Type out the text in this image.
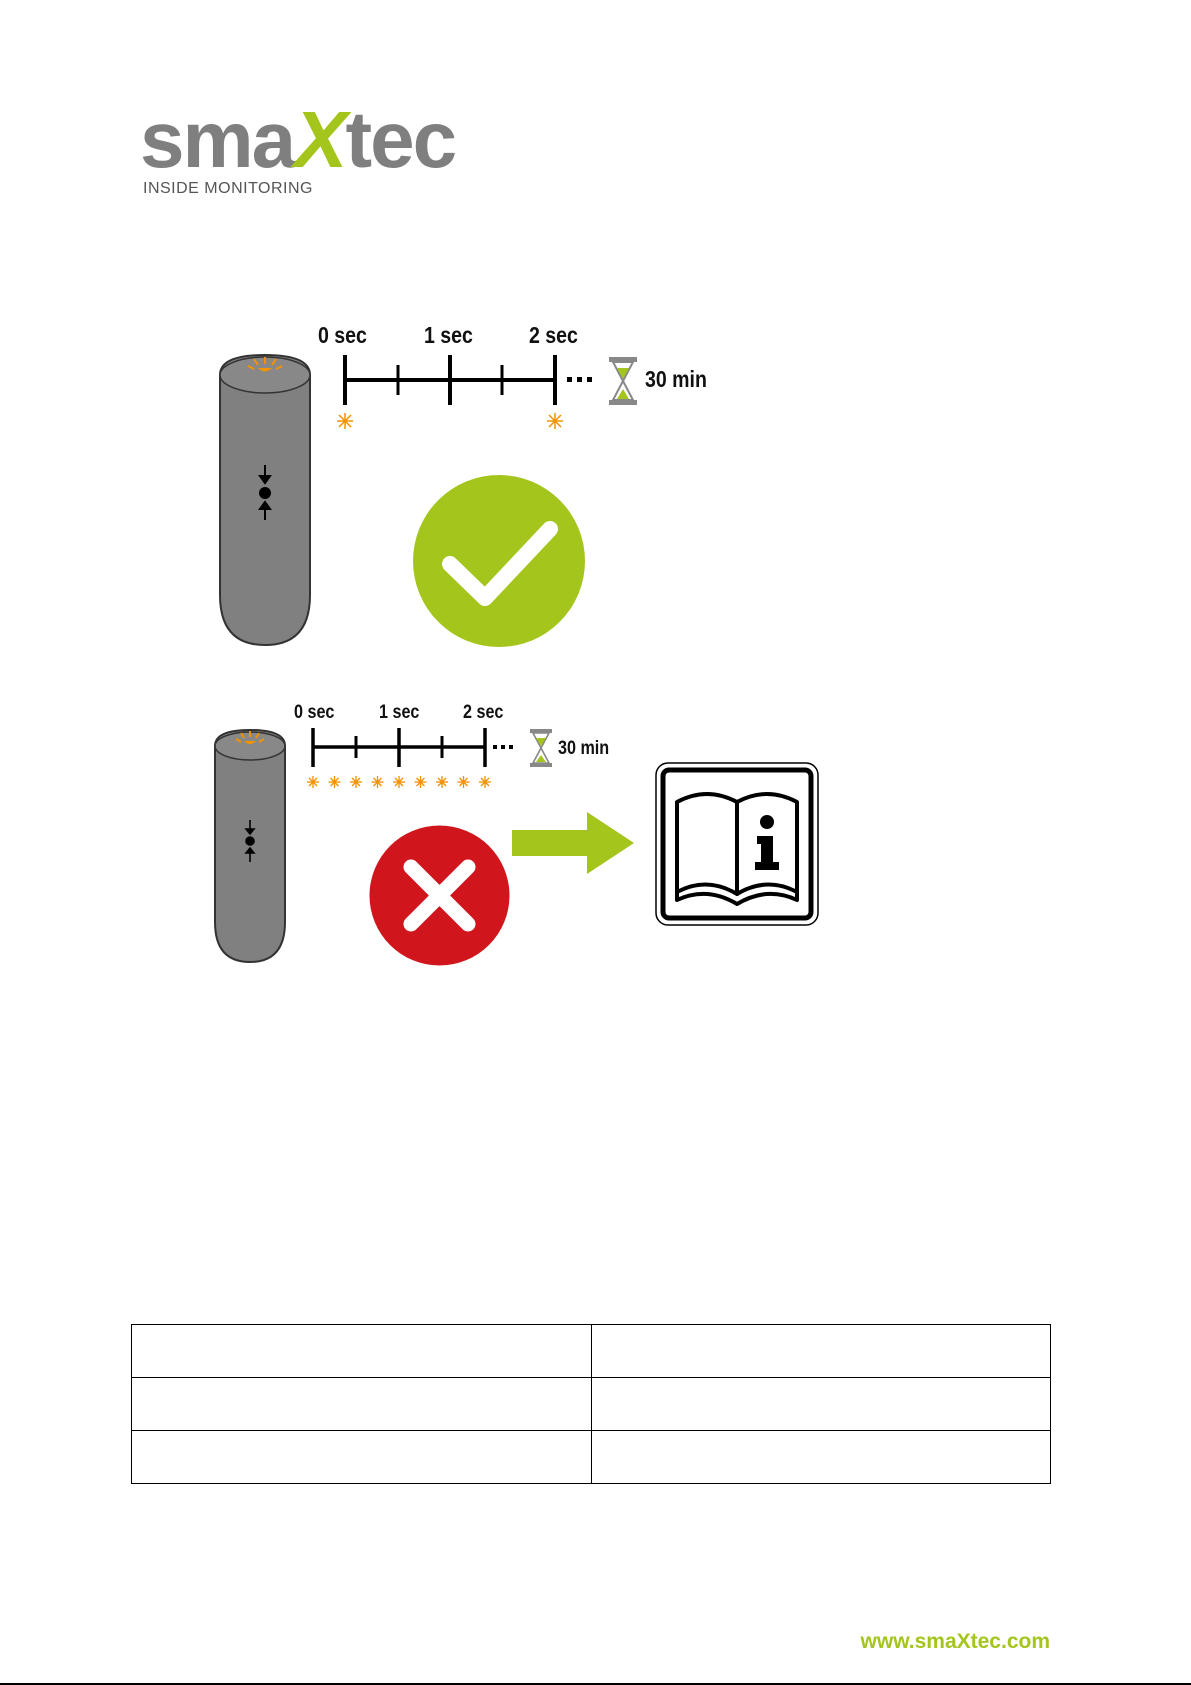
smaXtec
INSIDE MONITORING
0 sec 1 sec 2 sec
30 min
0 sec 1 sec 2 sec
30 min

www.smaXtec.com
